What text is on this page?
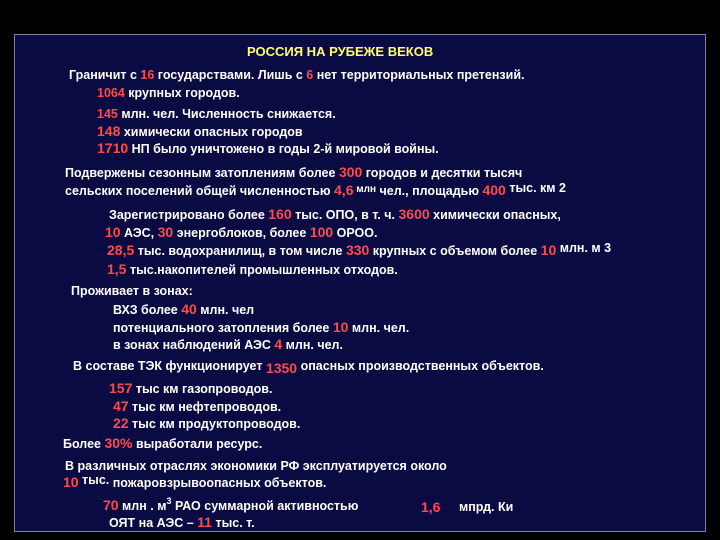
РОССИЯ НА РУБЕЖЕ ВЕКОВ
Граничит с 16 государствами. Лишь с 6 нет территориальных претензий.
1064 крупных городов.
145 млн. чел. Численность снижается.
148 химически опасных городов
1710 НП было уничтожено в годы 2-й мировой войны.
Подвержены сезонным затоплениям более 300 городов и десятки тысяч
сельских поселений общей численностью 4,6 $^{млн}$ чел., площадью 400 тыс. км 2
Зарегистрировано более 160 тыс. ОПО, в т. ч. 3600 химически опасных,
10 АЭС, 30 энергоблоков, более 100 ОРОО.
28,5 тыс. водохранилищ, в том числе 330 крупных с объемом более 10 млн. м 3
1,5 тыс.накопителей промышленных отходов.
Проживает в зонах:
ВХЗ более 40 млн. чел
потенциального затопления более 10 млн. чел.
в зонах наблюдений АЭС 4 млн. чел.
В составе ТЭК функционирует 1350 опасных производственных объектов.
157 тыс км газопроводов.
47 тыс км нефтепроводов.
22 тыс км продуктопроводов.
Более 30% выработали ресурс.
В различных отраслях экономики РФ эксплуатируется около
10 тыс. пожаровзрывоопасных объектов.
70 млн . $м^3$ РАО суммарной активностью	1,6 мпрд. Ки
ОЯТ на АЭС – 11 тыс. т.
